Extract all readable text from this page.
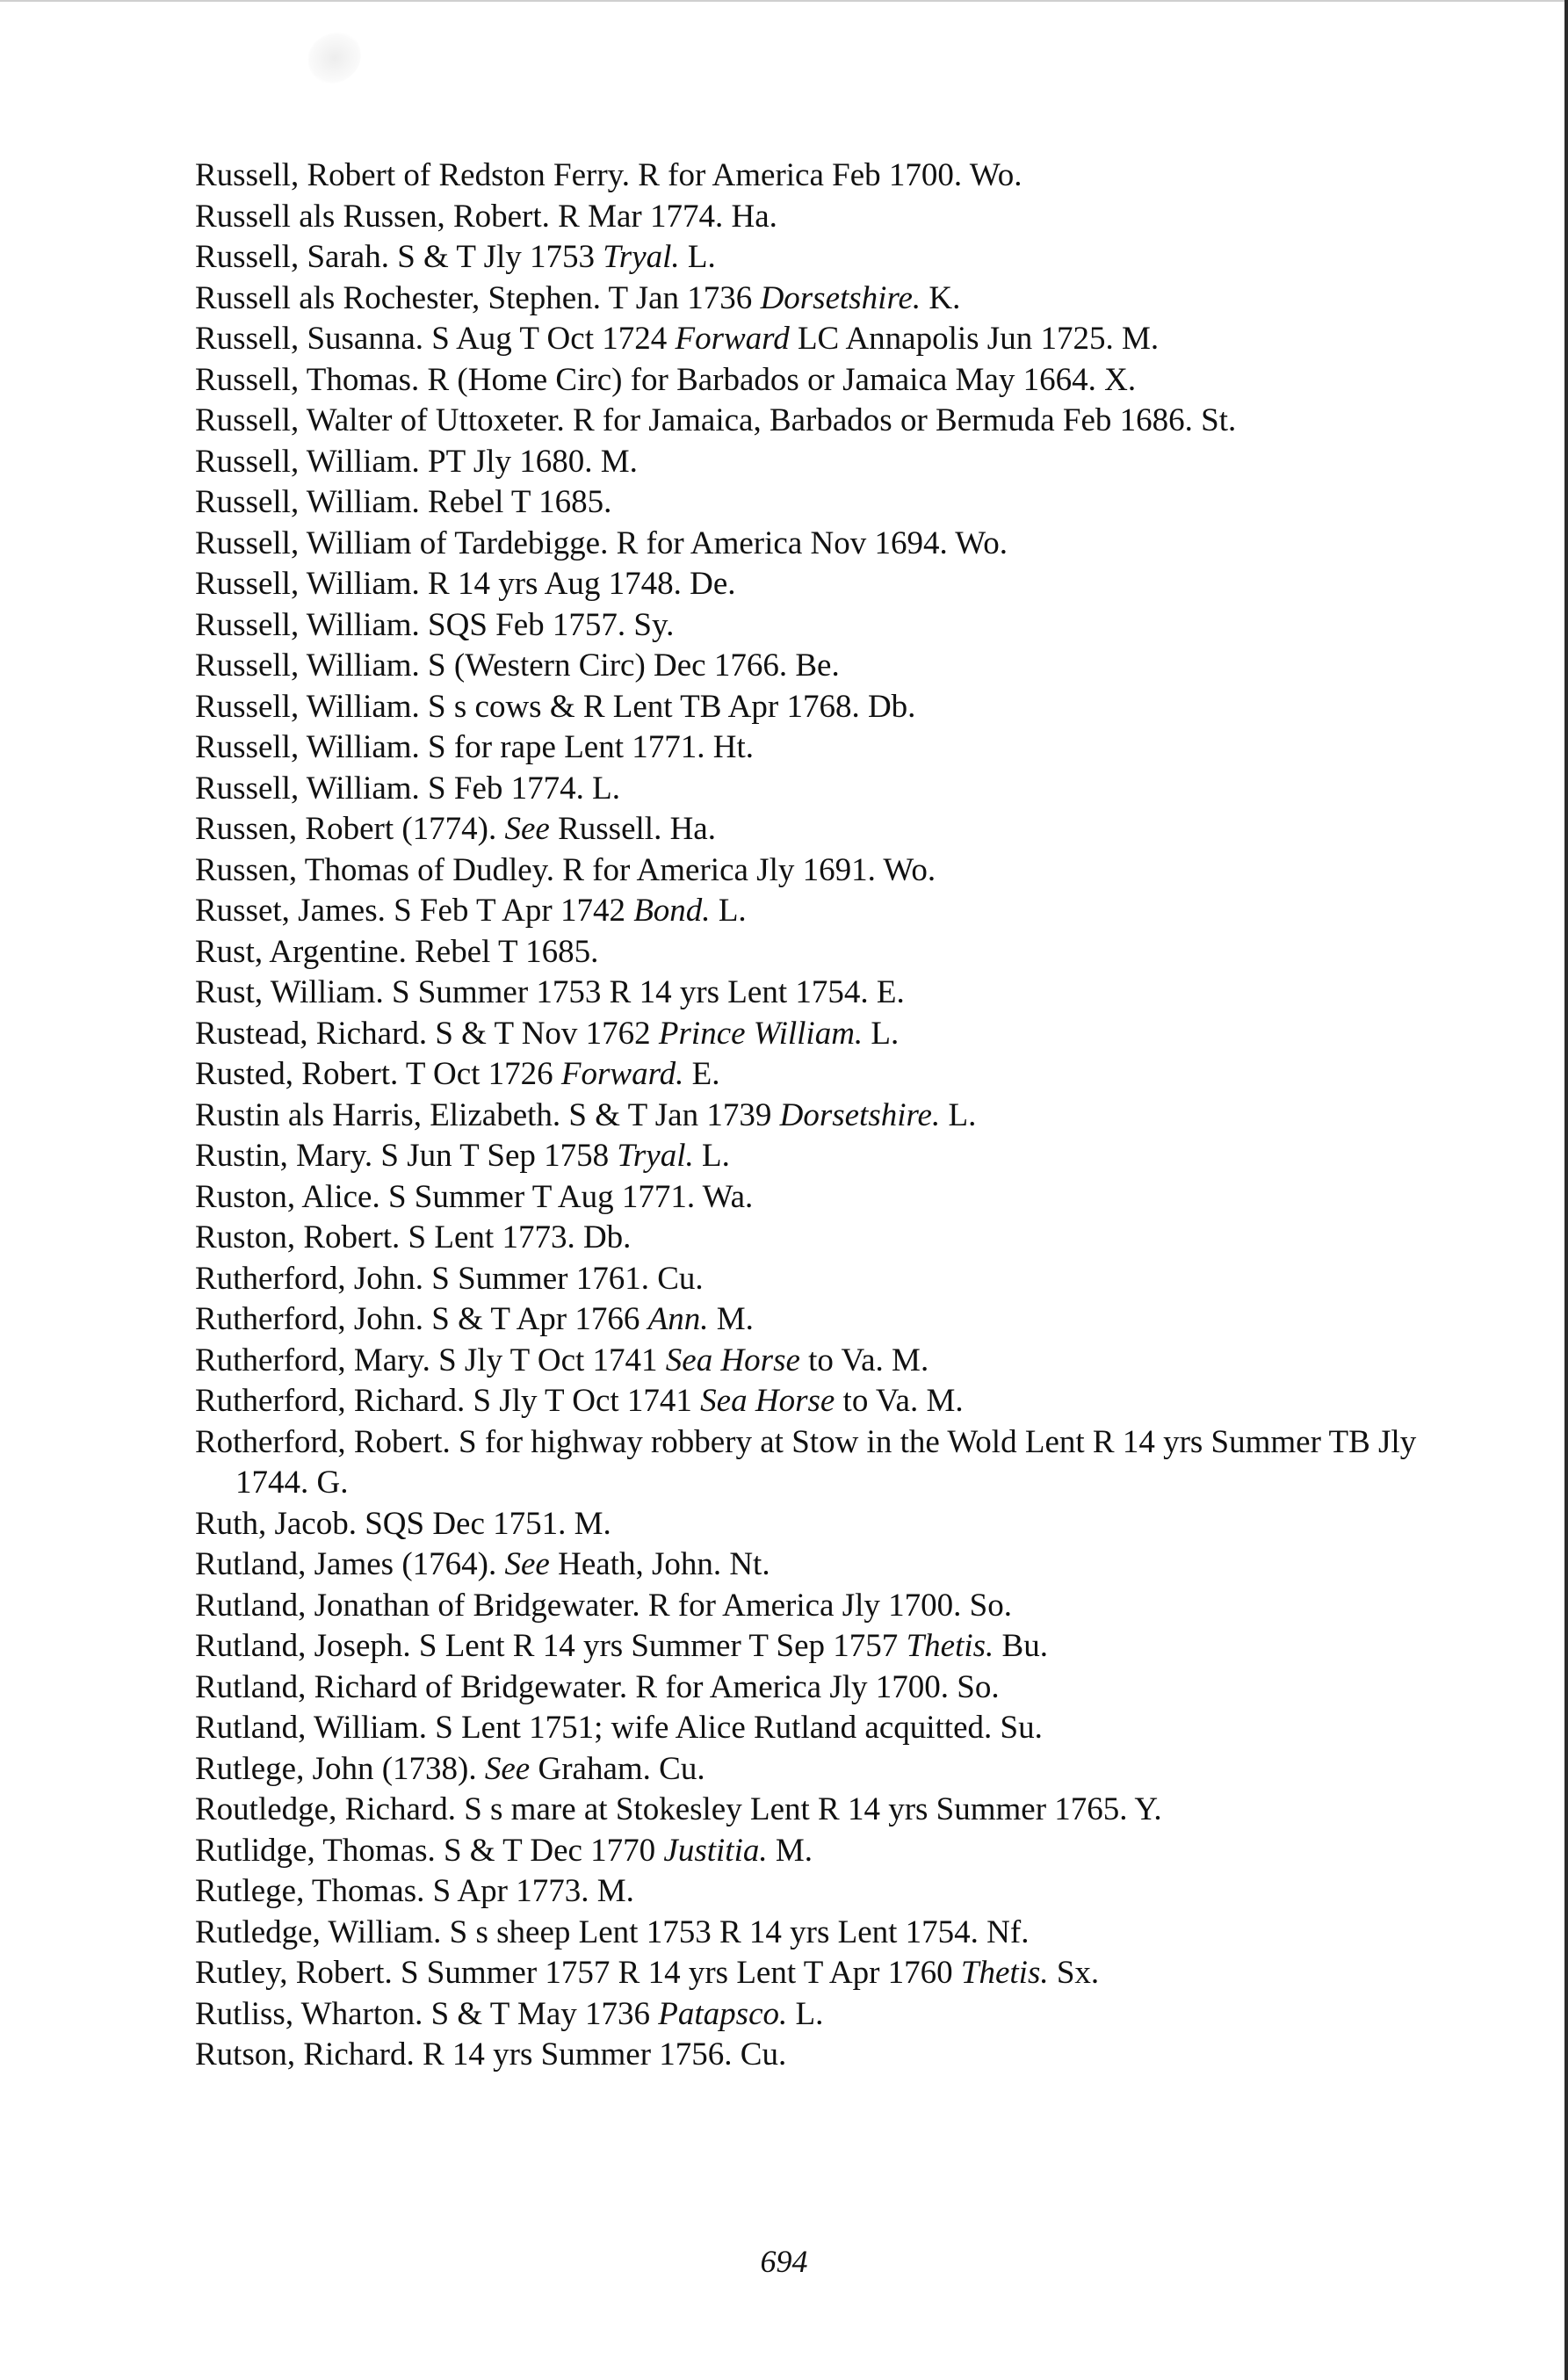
Russell, Robert of Redston Ferry. R for America Feb 1700. Wo.
Russell als Russen, Robert. R Mar 1774. Ha.
Russell, Sarah. S & T Jly 1753 Tryal. L.
Russell als Rochester, Stephen. T Jan 1736 Dorsetshire. K.
Russell, Susanna. S Aug T Oct 1724 Forward LC Annapolis Jun 1725. M.
Russell, Thomas. R (Home Circ) for Barbados or Jamaica May 1664. X.
Russell, Walter of Uttoxeter. R for Jamaica, Barbados or Bermuda Feb 1686. St.
Russell, William. PT Jly 1680. M.
Russell, William. Rebel T 1685.
Russell, William of Tardebigge. R for America Nov 1694. Wo.
Russell, William. R 14 yrs Aug 1748. De.
Russell, William. SQS Feb 1757. Sy.
Russell, William. S (Western Circ) Dec 1766. Be.
Russell, William. S s cows & R Lent TB Apr 1768. Db.
Russell, William. S for rape Lent 1771. Ht.
Russell, William. S Feb 1774. L.
Russen, Robert (1774). See Russell. Ha.
Russen, Thomas of Dudley. R for America Jly 1691. Wo.
Russet, James. S Feb T Apr 1742 Bond. L.
Rust, Argentine. Rebel T 1685.
Rust, William. S Summer 1753 R 14 yrs Lent 1754. E.
Rustead, Richard. S & T Nov 1762 Prince William. L.
Rusted, Robert. T Oct 1726 Forward. E.
Rustin als Harris, Elizabeth. S & T Jan 1739 Dorsetshire. L.
Rustin, Mary. S Jun T Sep 1758 Tryal. L.
Ruston, Alice. S Summer T Aug 1771. Wa.
Ruston, Robert. S Lent 1773. Db.
Rutherford, John. S Summer 1761. Cu.
Rutherford, John. S & T Apr 1766 Ann. M.
Rutherford, Mary. S Jly T Oct 1741 Sea Horse to Va. M.
Rutherford, Richard. S Jly T Oct 1741 Sea Horse to Va. M.
Rotherford, Robert. S for highway robbery at Stow in the Wold Lent R 14 yrs Summer TB Jly 1744. G.
Ruth, Jacob. SQS Dec 1751. M.
Rutland, James (1764). See Heath, John. Nt.
Rutland, Jonathan of Bridgewater. R for America Jly 1700. So.
Rutland, Joseph. S Lent R 14 yrs Summer T Sep 1757 Thetis. Bu.
Rutland, Richard of Bridgewater. R for America Jly 1700. So.
Rutland, William. S Lent 1751; wife Alice Rutland acquitted. Su.
Rutlege, John (1738). See Graham. Cu.
Routledge, Richard. S s mare at Stokesley Lent R 14 yrs Summer 1765. Y.
Rutlidge, Thomas. S & T Dec 1770 Justitia. M.
Rutlege, Thomas. S Apr 1773. M.
Rutledge, William. S s sheep Lent 1753 R 14 yrs Lent 1754. Nf.
Rutley, Robert. S Summer 1757 R 14 yrs Lent T Apr 1760 Thetis. Sx.
Rutliss, Wharton. S & T May 1736 Patapsco. L.
Rutson, Richard. R 14 yrs Summer 1756. Cu.
694
